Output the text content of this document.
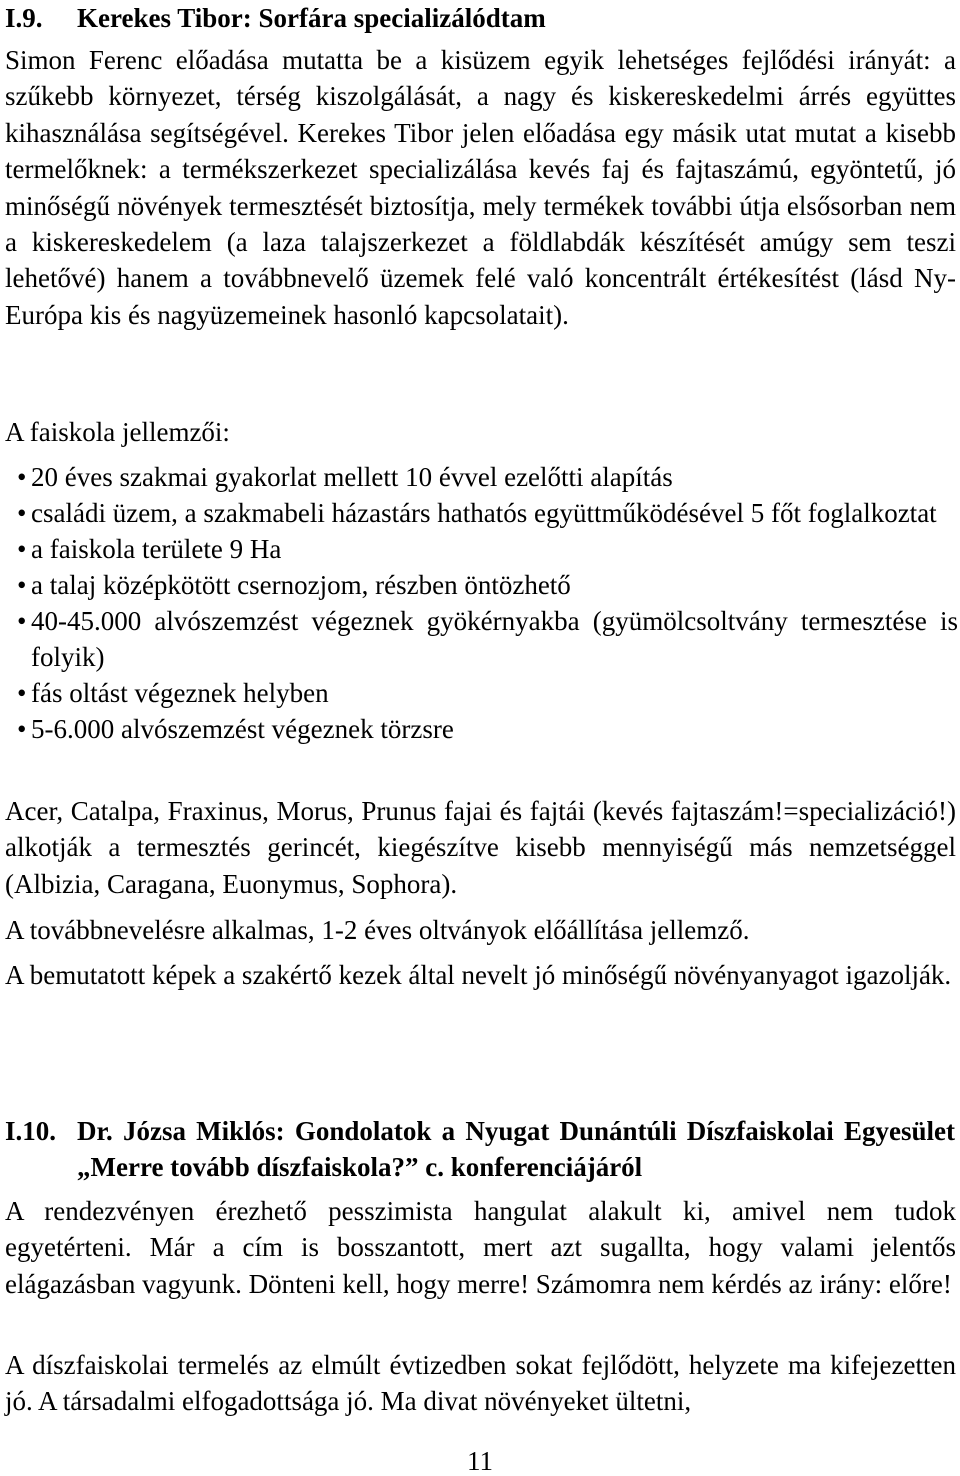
I.9. Kerekes Tibor: Sorfára specializálódtam
Simon Ferenc előadása mutatta be a kisüzem egyik lehetséges fejlődési irányát: a szűkebb környezet, térség kiszolgálását, a nagy és kiskereskedelmi árrés együttes kihasználása segítségével. Kerekes Tibor jelen előadása egy másik utat mutat a kisebb termelőknek: a termékszerkezet specializálása kevés faj és fajtaszámú, egyöntetű, jó minőségű növények termesztését biztosítja, mely termékek további útja elsősorban nem a kiskereskedelem (a laza talajszerkezet a földlabdák készítését amúgy sem teszi lehetővé) hanem a továbbnevelő üzemek felé való koncentrált értékesítést (lásd Ny-Európa kis és nagyüzemeinek hasonló kapcsolatait).
A faiskola jellemzői:
• 20 éves szakmai gyakorlat mellett 10 évvel ezelőtti alapítás
• családi üzem, a szakmabeli házastárs hathatós együttműködésével 5 főt foglalkoztat
• a faiskola területe 9 Ha
• a talaj középkötött csernozjom, részben öntözhető
• 40-45.000 alvószemzést végeznek gyökérnyakba (gyümölcsoltvány termesztése is folyik)
• fás oltást végeznek helyben
• 5-6.000 alvószemzést végeznek törzsre
Acer, Catalpa, Fraxinus, Morus, Prunus fajai és fajtái (kevés fajtaszám!=specializáció!) alkotják a termesztés gerincét, kiegészítve kisebb mennyiségű más nemzetséggel (Albizia, Caragana, Euonymus, Sophora).
A továbbnevelésre alkalmas, 1-2 éves oltványok előállítása jellemző.
A bemutatott képek a szakértő kezek által nevelt jó minőségű növényanyagot igazolják.
I.10. Dr. Józsa Miklós: Gondolatok a Nyugat Dunántúli Díszfaiskolai Egyesület „Merre tovább díszfaiskola?” c. konferenciájáról
A rendezvényen érezhető pesszimista hangulat alakult ki, amivel nem tudok egyetérteni. Már a cím is bosszantott, mert azt sugallta, hogy valami jelentős elágazásban vagyunk. Dönteni kell, hogy merre! Számomra nem kérdés az irány: előre!
A díszfaiskolai termelés az elmúlt évtizedben sokat fejlődött, helyzete ma kifejezetten jó. A társadalmi elfogadottsága jó. Ma divat növényeket ültetni,
11
